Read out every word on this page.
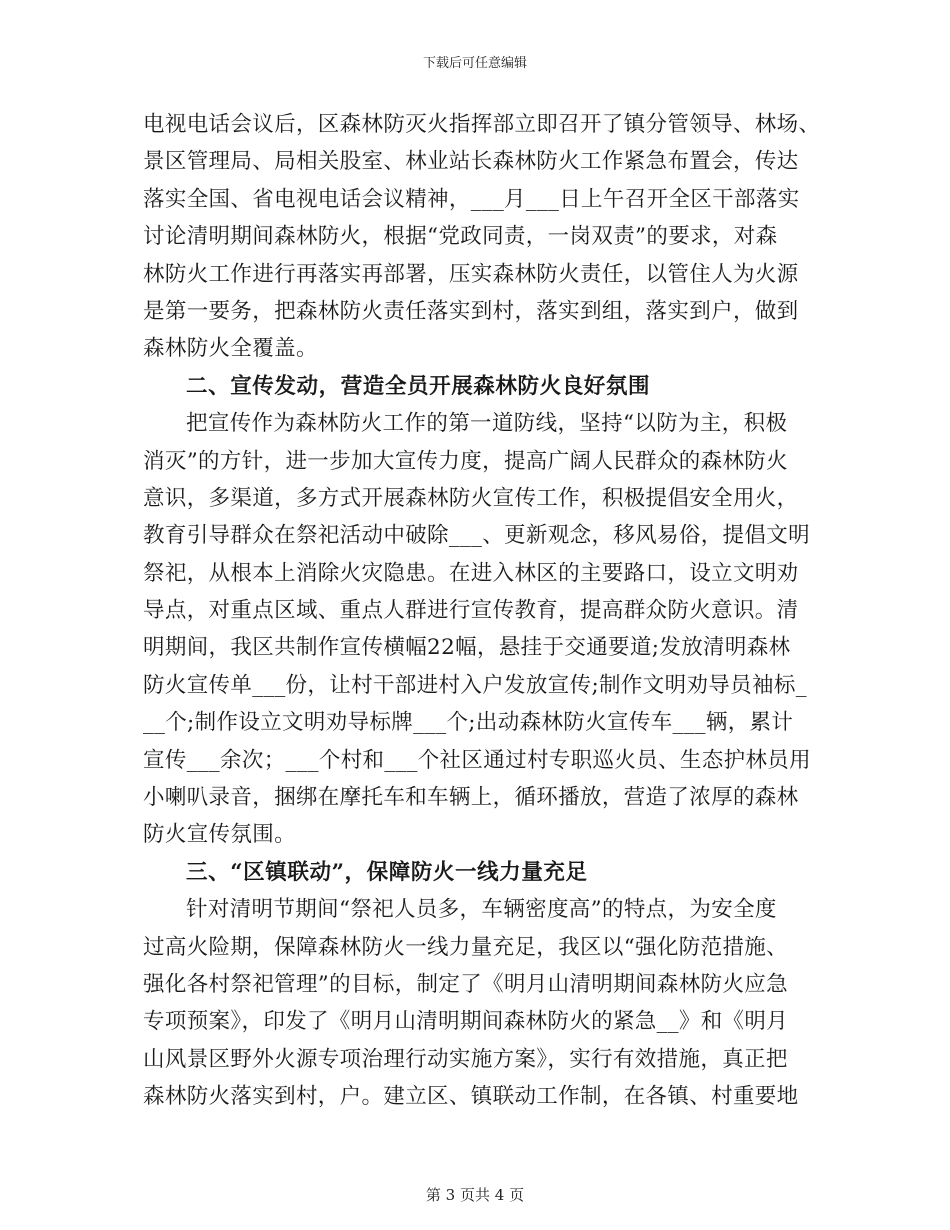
下载后可任意编辑
电视电话会议后，区森林防灭火指挥部立即召开了镇分管领导、林场、
景区管理局、局相关股室、林业站长森林防火工作紧急布置会，传达
落实全国、省电视电话会议精神，___月___日上午召开全区干部落实
讨论清明期间森林防火，根据“党政同责，一岗双责”的要求，对森
林防火工作进行再落实再部署，压实森林防火责任，以管住人为火源
是第一要务，把森林防火责任落实到村，落实到组，落实到户，做到
森林防火全覆盖。
二、宣传发动，营造全员开展森林防火良好氛围
把宣传作为森林防火工作的第一道防线，坚持“以防为主，积极
消灭”的方针，进一步加大宣传力度，提高广阔人民群众的森林防火
意识，多渠道，多方式开展森林防火宣传工作，积极提倡安全用火，
教育引导群众在祭祀活动中破除___、更新观念，移风易俗，提倡文明
祭祀，从根本上消除火灾隐患。在进入林区的主要路口，设立文明劝
导点，对重点区域、重点人群进行宣传教育，提高群众防火意识。清
明期间，我区共制作宣传横幅22幅，悬挂于交通要道;发放清明森林
防火宣传单___份，让村干部进村入户发放宣传;制作文明劝导员袖标_
__个;制作设立文明劝导标牌___个;出动森林防火宣传车___辆，累计
宣传___余次；___个村和___个社区通过村专职巡火员、生态护林员用
小喇叭录音，捆绑在摩托车和车辆上，循环播放，营造了浓厚的森林
防火宣传氛围。
三、“区镇联动”，保障防火一线力量充足
针对清明节期间“祭祀人员多，车辆密度高”的特点，为安全度
过高火险期，保障森林防火一线力量充足，我区以“强化防范措施、
强化各村祭祀管理”的目标，制定了《明月山清明期间森林防火应急
专项预案》，印发了《明月山清明期间森林防火的紧急__》和《明月
山风景区野外火源专项治理行动实施方案》，实行有效措施，真正把
森林防火落实到村，户。建立区、镇联动工作制，在各镇、村重要地
第 3 页共 4 页
